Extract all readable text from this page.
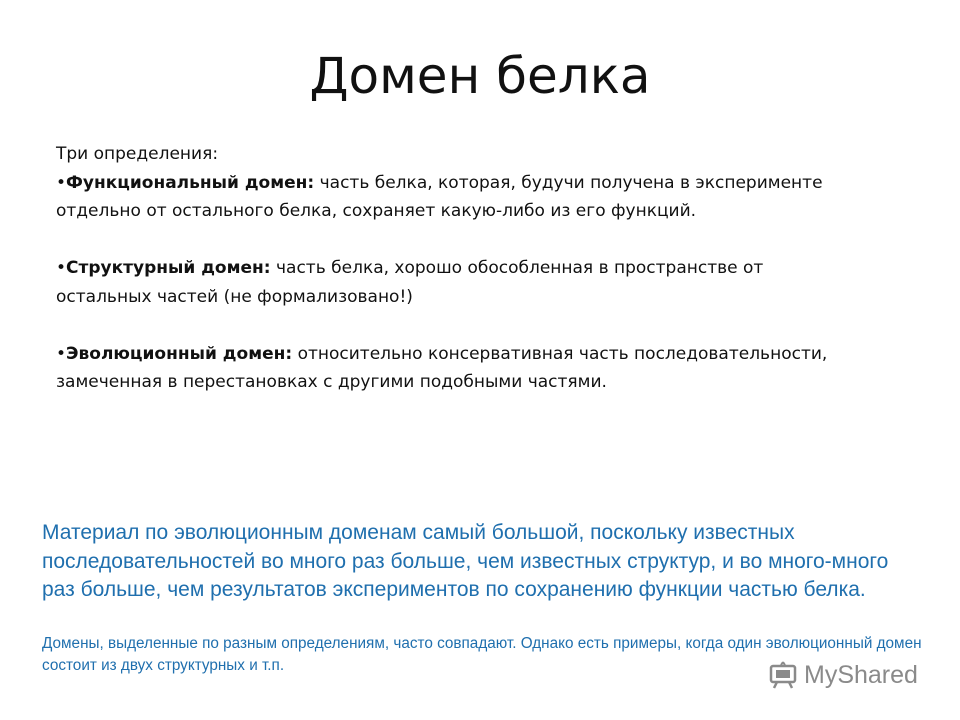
Домен белка

Три определения:

•Функциональный домен: часть белка, которая, будучи получена в эксперименте отдельно от остального белка, сохраняет какую-либо из его функций.

•Структурный домен: часть белка, хорошо обособленная в пространстве от остальных частей (не формализовано!)

•Эволюционный домен: относительно консервативная часть последовательности, замеченная в перестановках с другими подобными частями.

Материал по эволюционным доменам самый большой, поскольку известных последовательностей во много раз больше, чем известных структур, и во много-много раз больше, чем результатов экспериментов по сохранению функции частью белка.
Домены, выделенные по разным определениям, часто совпадают. Однако есть примеры, когда один эволюционный домен состоит из двух структурных и т.п.	MyShared
